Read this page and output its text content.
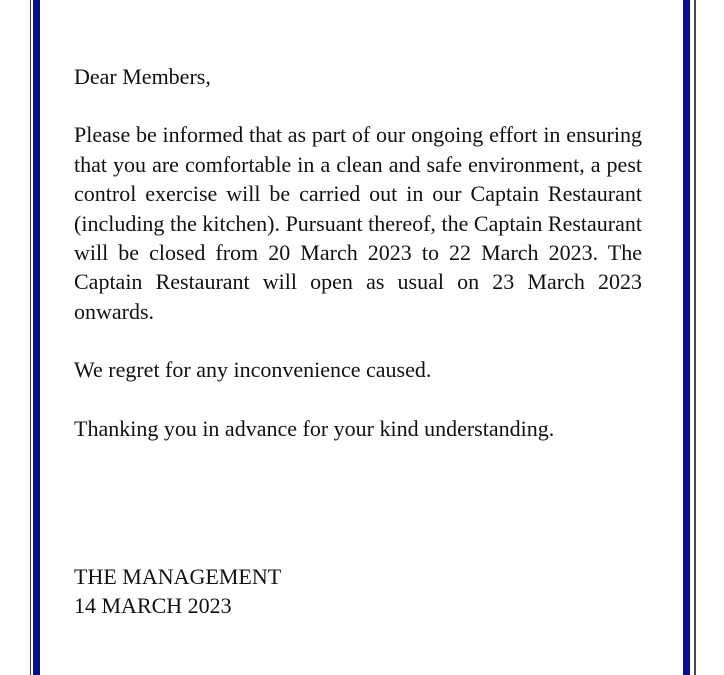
Dear Members,

Please be informed that as part of our ongoing effort in ensuring that you are comfortable in a clean and safe environment, a pest control exercise will be carried out in our Captain Restaurant (including the kitchen). Pursuant thereof, the Captain Restaurant will be closed from 20 March 2023 to 22 March 2023. The Captain Restaurant will open as usual on 23 March 2023 onwards.

We regret for any inconvenience caused.

Thanking you in advance for your kind understanding.

THE MANAGEMENT
14 MARCH 2023
